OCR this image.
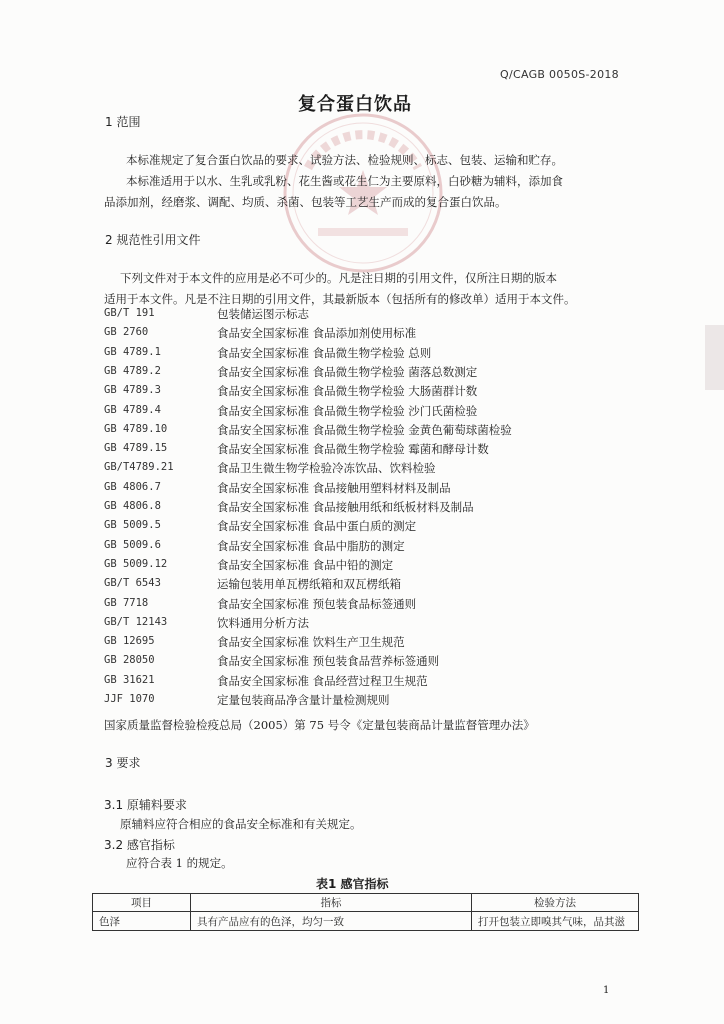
Q/CAGB 0050S-2018
复合蛋白饮品
1 范围
本标准规定了复合蛋白饮品的要求、试验方法、检验规则、标志、包装、运输和贮存。
本标准适用于以水、生乳或乳粉、花生酱或花生仁为主要原料，白砂糖为辅料，添加食
品添加剂，经磨浆、调配、均质、杀菌、包装等工艺生产而成的复合蛋白饮品。
2 规范性引用文件
下列文件对于本文件的应用是必不可少的。凡是注日期的引用文件，仅所注日期的版本
适用于本文件。凡是不注日期的引用文件，其最新版本（包括所有的修改单）适用于本文件。
GB/T 191	包装储运图示标志
GB 2760	食品安全国家标准 食品添加剂使用标准
GB 4789.1	食品安全国家标准 食品微生物学检验 总则
GB 4789.2	食品安全国家标准 食品微生物学检验 菌落总数测定
GB 4789.3	食品安全国家标准 食品微生物学检验 大肠菌群计数
GB 4789.4	食品安全国家标准 食品微生物学检验 沙门氏菌检验
GB 4789.10	食品安全国家标准 食品微生物学检验 金黄色葡萄球菌检验
GB 4789.15	食品安全国家标准 食品微生物学检验 霉菌和酵母计数
GB/T4789.21	食品卫生微生物学检验冷冻饮品、饮料检验
GB 4806.7	食品安全国家标准 食品接触用塑料材料及制品
GB 4806.8	食品安全国家标准 食品接触用纸和纸板材料及制品
GB 5009.5	食品安全国家标准 食品中蛋白质的测定
GB 5009.6	食品安全国家标准 食品中脂肪的测定
GB 5009.12	食品安全国家标准 食品中铅的测定
GB/T 6543	运输包装用单瓦楞纸箱和双瓦楞纸箱
GB 7718	食品安全国家标准 预包装食品标签通则
GB/T 12143	饮料通用分析方法
GB 12695	食品安全国家标准 饮料生产卫生规范
GB 28050	食品安全国家标准 预包装食品营养标签通则
GB 31621	食品安全国家标准 食品经营过程卫生规范
JJF 1070	定量包装商品净含量计量检测规则
国家质量监督检验检疫总局（2005）第 75 号令《定量包装商品计量监督管理办法》
3 要求
3.1 原辅料要求
原辅料应符合相应的食品安全标准和有关规定。
3.2 感官指标
应符合表 1 的规定。
表1 感官指标
项目	指标	检验方法
色泽	具有产品应有的色泽，均匀一致	打开包装立即嗅其气味，品其滋
1
